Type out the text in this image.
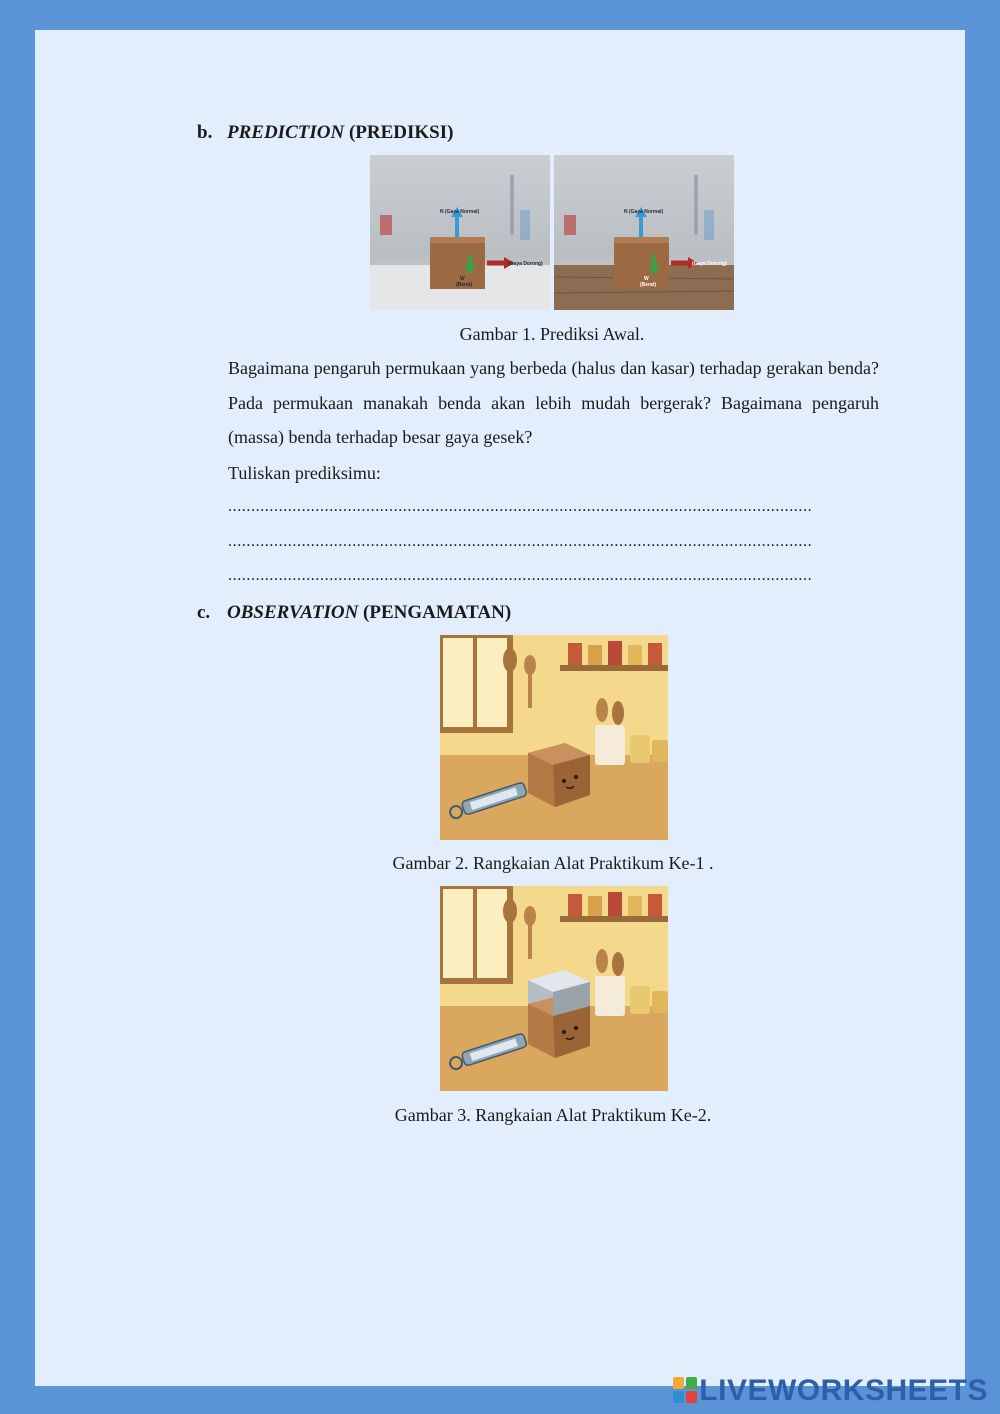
b. PREDICTION (PREDIKSI)
N (Gaya Normal)
(Gaya Dorong)
W
(Berat)
N (Gaya Normal)
(Gaya Dorong)
W
(Berat)
Gambar 1. Prediksi Awal.
Bagaimana pengaruh permukaan yang berbeda (halus dan kasar) terhadap gerakan benda? Pada permukaan manakah benda akan lebih mudah bergerak? Bagaimana pengaruh (massa) benda terhadap besar gaya gesek?
Tuliskan prediksimu:
...............................................................................................................................
...............................................................................................................................
...............................................................................................................................
c. OBSERVATION (PENGAMATAN)
Gambar 2. Rangkaian Alat Praktikum Ke-1 .
Gambar 3. Rangkaian Alat Praktikum Ke-2.
LIVEWORKSHEETS
